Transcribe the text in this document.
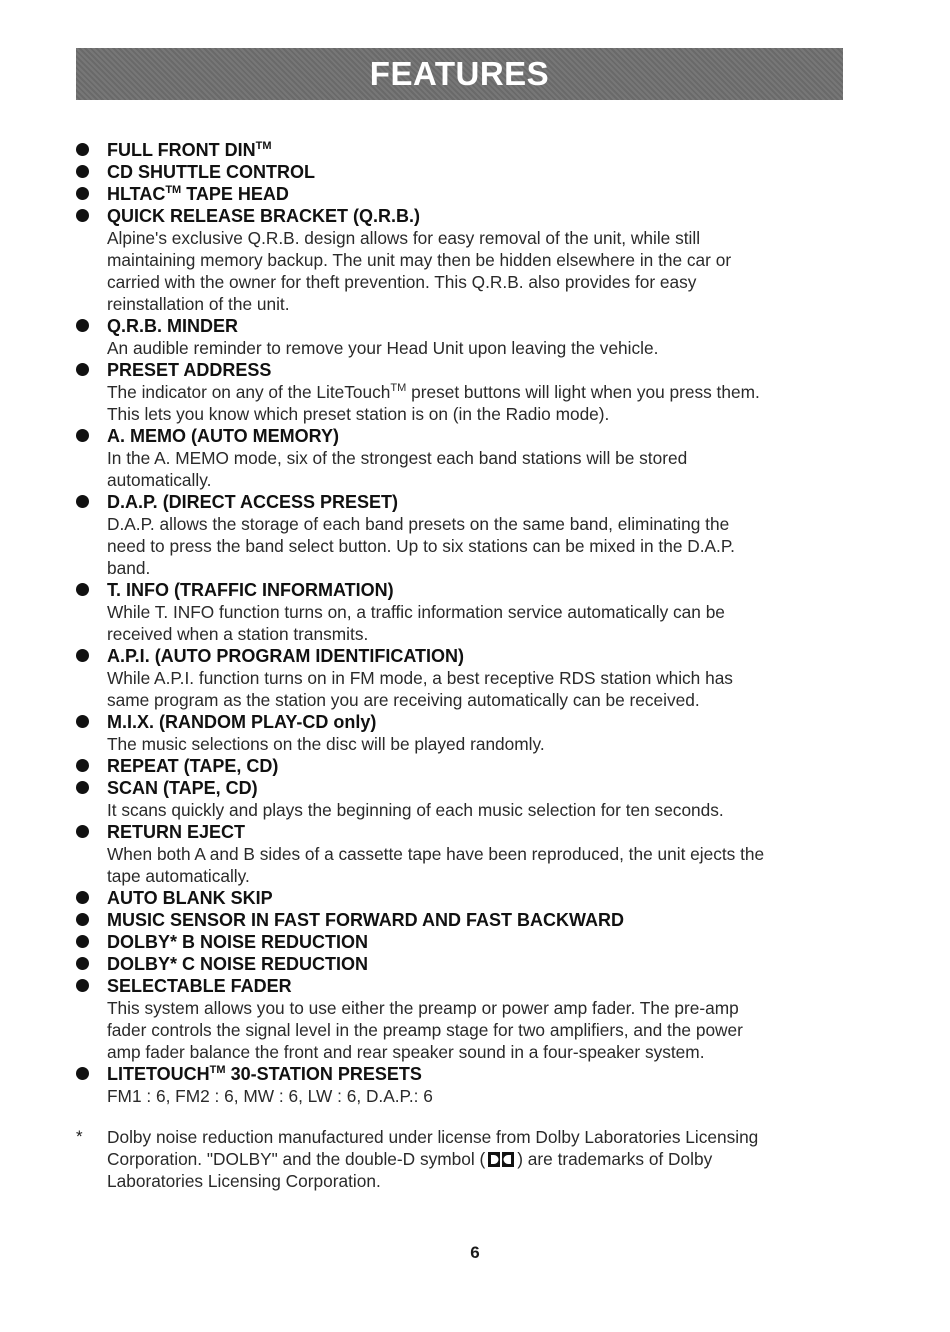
FEATURES
FULL FRONT DIN™
CD SHUTTLE CONTROL
HLTAC™ TAPE HEAD
QUICK RELEASE BRACKET (Q.R.B.)
Alpine's exclusive Q.R.B. design allows for easy removal of the unit, while still
maintaining memory backup. The unit may then be hidden elsewhere in the car or
carried with the owner for theft prevention. This Q.R.B. also provides for easy
reinstallation of the unit.
Q.R.B. MINDER
An audible reminder to remove your Head Unit upon leaving the vehicle.
PRESET ADDRESS
The indicator on any of the LiteTouch™ preset buttons will light when you press them.
This lets you know which preset station is on (in the Radio mode).
A. MEMO (AUTO MEMORY)
In the A. MEMO mode, six of the strongest each band stations will be stored
automatically.
D.A.P. (DIRECT ACCESS PRESET)
D.A.P. allows the storage of each band presets on the same band, eliminating the
need to press the band select button. Up to six stations can be mixed in the D.A.P.
band.
T. INFO (TRAFFIC INFORMATION)
While T. INFO function turns on, a traffic information service automatically can be
received when a station transmits.
A.P.I. (AUTO PROGRAM IDENTIFICATION)
While A.P.I. function turns on in FM mode, a best receptive RDS station which has
same program as the station you are receiving automatically can be received.
M.I.X. (RANDOM PLAY-CD only)
The music selections on the disc will be played randomly.
REPEAT (TAPE, CD)
SCAN (TAPE, CD)
It scans quickly and plays the beginning of each music selection for ten seconds.
RETURN EJECT
When both A and B sides of a cassette tape have been reproduced, the unit ejects the
tape automatically.
AUTO BLANK SKIP
MUSIC SENSOR IN FAST FORWARD AND FAST BACKWARD
DOLBY* B NOISE REDUCTION
DOLBY* C NOISE REDUCTION
SELECTABLE FADER
This system allows you to use either the preamp or power amp fader. The pre-amp
fader controls the signal level in the preamp stage for two amplifiers, and the power
amp fader balance the front and rear speaker sound in a four-speaker system.
LITETOUCH™ 30-STATION PRESETS
FM1 : 6, FM2 : 6, MW : 6, LW : 6, D.A.P.: 6
* Dolby noise reduction manufactured under license from Dolby Laboratories Licensing
Corporation. "DOLBY" and the double-D symbol ( ) are trademarks of Dolby
Laboratories Licensing Corporation.
6
